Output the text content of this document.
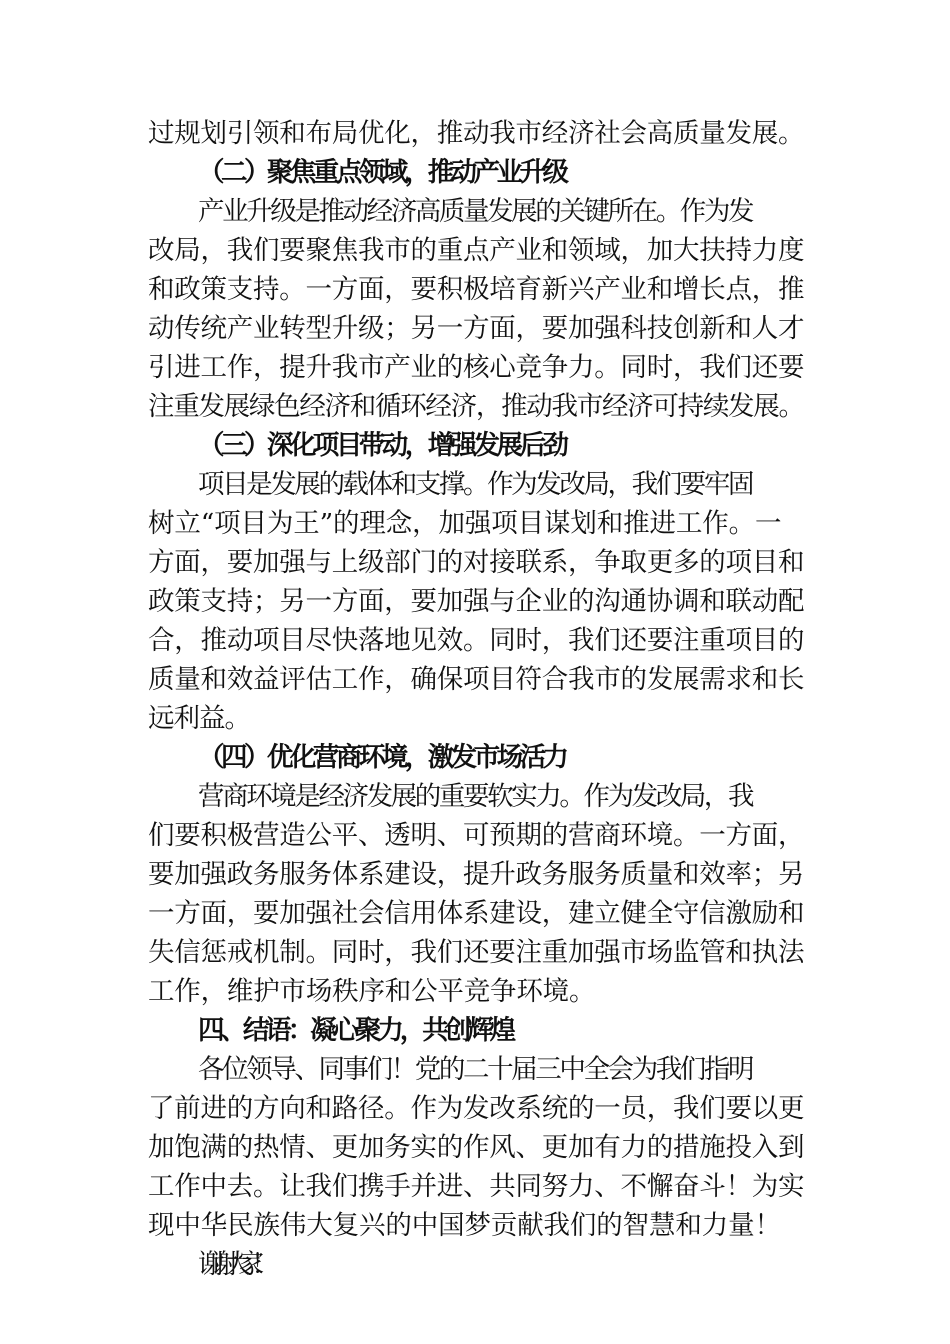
过规划引领和布局优化，推动我市经济社会高质量发展。
（二）聚焦重点领域，推动产业升级
产业升级是推动经济高质量发展的关键所在。作为发
改局，我们要聚焦我市的重点产业和领域，加大扶持力度
和政策支持。一方面，要积极培育新兴产业和增长点，推
动传统产业转型升级；另一方面，要加强科技创新和人才
引进工作，提升我市产业的核心竞争力。同时，我们还要
注重发展绿色经济和循环经济，推动我市经济可持续发展。
（三）深化项目带动，增强发展后劲
项目是发展的载体和支撑。作为发改局，我们要牢固
树立“项目为王”的理念，加强项目谋划和推进工作。一
方面，要加强与上级部门的对接联系，争取更多的项目和
政策支持；另一方面，要加强与企业的沟通协调和联动配
合，推动项目尽快落地见效。同时，我们还要注重项目的
质量和效益评估工作，确保项目符合我市的发展需求和长
远利益。
（四）优化营商环境，激发市场活力
营商环境是经济发展的重要软实力。作为发改局，我
们要积极营造公平、透明、可预期的营商环境。一方面，
要加强政务服务体系建设，提升政务服务质量和效率；另
一方面，要加强社会信用体系建设，建立健全守信激励和
失信惩戒机制。同时，我们还要注重加强市场监管和执法
工作，维护市场秩序和公平竞争环境。
四、结语：凝心聚力，共创辉煌
各位领导、同事们！党的二十届三中全会为我们指明
了前进的方向和路径。作为发改系统的一员，我们要以更
加饱满的热情、更加务实的作风、更加有力的措施投入到
工作中去。让我们携手并进、共同努力、不懈奋斗！为实
现中华民族伟大复兴的中国梦贡献我们的智慧和力量！
谢谢大家！
